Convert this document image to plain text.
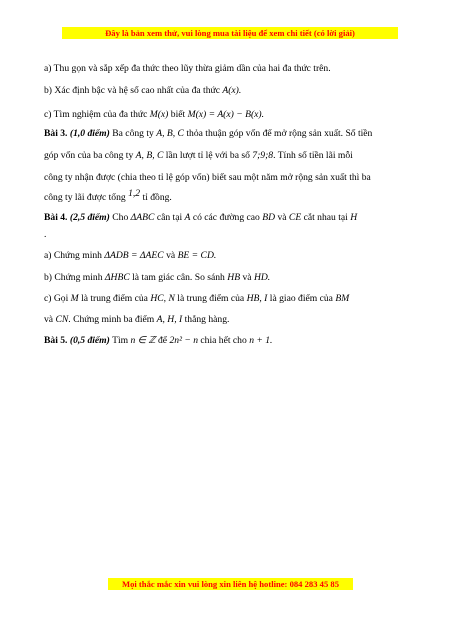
Đây là bản xem thử, vui lòng mua tài liệu để xem chi tiết (có lời giải)
a) Thu gọn và sắp xếp đa thức theo lũy thừa giảm dần của hai đa thức trên.
b) Xác định bậc và hệ số cao nhất của đa thức A(x).
c) Tìm nghiệm của đa thức M(x) biết M(x) = A(x) − B(x).
Bài 3. (1,0 điểm) Ba công ty A, B, C thỏa thuận góp vốn để mở rộng sản xuất. Số tiền
góp vốn của ba công ty A, B, C lần lượt tỉ lệ với ba số 7;9;8. Tính số tiền lãi mỗi
công ty nhận được (chia theo tỉ lệ góp vốn) biết sau một năm mở rộng sản xuất thì ba
công ty lãi được tổng 1,2 tỉ đồng.
Bài 4. (2,5 điểm) Cho ΔABC cân tại A có các đường cao BD và CE cắt nhau tại H
.
a) Chứng minh ΔADB = ΔAEC và BE = CD.
b) Chứng minh ΔHBC là tam giác cân. So sánh HB và HD.
c) Gọi M là trung điểm của HC, N là trung điểm của HB, I là giao điểm của BM
và CN. Chứng minh ba điểm A, H, I thẳng hàng.
Bài 5. (0,5 điểm) Tìm n ∈ ℤ để 2n² − n chia hết cho n + 1.
Mọi thắc mắc xin vui lòng xin liên hệ hotline: 084 283 45 85
